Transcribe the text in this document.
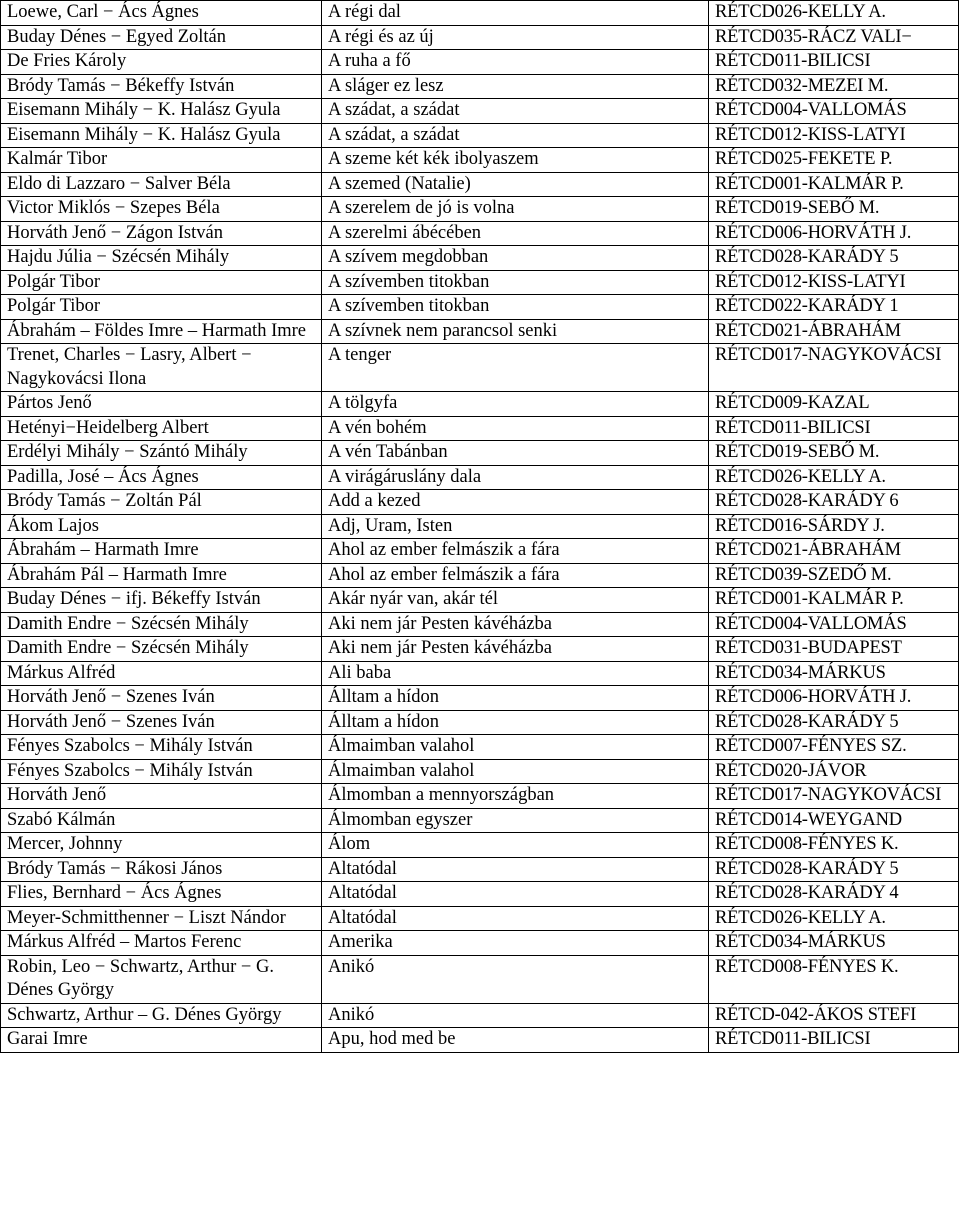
Loewe, Carl − Ács Ágnes	A régi dal	RÉTCD026-KELLY A.
Buday Dénes − Egyed Zoltán	A régi és az új	RÉTCD035-RÁCZ VALI−
De Fries Károly	A ruha a fő	RÉTCD011-BILICSI
Bródy Tamás − Békeffy István	A sláger ez lesz	RÉTCD032-MEZEI M.
Eisemann Mihály − K. Halász Gyula	A szádat, a szádat	RÉTCD004-VALLOMÁS
Eisemann Mihály − K. Halász Gyula	A szádat, a szádat	RÉTCD012-KISS-LATYI
Kalmár Tibor	A szeme két kék ibolyaszem	RÉTCD025-FEKETE P.
Eldo di Lazzaro − Salver Béla	A szemed (Natalie)	RÉTCD001-KALMÁR P.
Victor Miklós − Szepes Béla	A szerelem de jó is volna	RÉTCD019-SEBŐ M.
Horváth Jenő − Zágon István	A szerelmi ábécében	RÉTCD006-HORVÁTH J.
Hajdu Júlia − Szécsén Mihály	A szívem megdobban	RÉTCD028-KARÁDY 5
Polgár Tibor	A szívemben titokban	RÉTCD012-KISS-LATYI
Polgár Tibor	A szívemben titokban	RÉTCD022-KARÁDY 1
Ábrahám – Földes Imre – Harmath Imre	A szívnek nem parancsol senki	RÉTCD021-ÁBRAHÁM
Trenet, Charles − Lasry, Albert − Nagykovácsi Ilona	A tenger	RÉTCD017-NAGYKOVÁCSI
Pártos Jenő	A tölgyfa	RÉTCD009-KAZAL
Hetényi−Heidelberg Albert	A vén bohém	RÉTCD011-BILICSI
Erdélyi Mihály − Szántó Mihály	A vén Tabánban	RÉTCD019-SEBŐ M.
Padilla, José – Ács Ágnes	A virágáruslány dala	RÉTCD026-KELLY A.
Bródy Tamás − Zoltán Pál	Add a kezed	RÉTCD028-KARÁDY 6
Ákom Lajos	Adj, Uram, Isten	RÉTCD016-SÁRDY J.
Ábrahám – Harmath Imre	Ahol az ember felmászik a fára	RÉTCD021-ÁBRAHÁM
Ábrahám Pál – Harmath Imre	Ahol az ember felmászik a fára	RÉTCD039-SZEDŐ M.
Buday Dénes − ifj. Békeffy István	Akár nyár van, akár tél	RÉTCD001-KALMÁR P.
Damith Endre − Szécsén Mihály	Aki nem jár Pesten kávéházba	RÉTCD004-VALLOMÁS
Damith Endre − Szécsén Mihály	Aki nem jár Pesten kávéházba	RÉTCD031-BUDAPEST
Márkus Alfréd	Ali baba	RÉTCD034-MÁRKUS
Horváth Jenő − Szenes Iván	Álltam a hídon	RÉTCD006-HORVÁTH J.
Horváth Jenő − Szenes Iván	Álltam a hídon	RÉTCD028-KARÁDY 5
Fényes Szabolcs − Mihály István	Álmaimban valahol	RÉTCD007-FÉNYES SZ.
Fényes Szabolcs − Mihály István	Álmaimban valahol	RÉTCD020-JÁVOR
Horváth Jenő	Álmomban a mennyországban	RÉTCD017-NAGYKOVÁCSI
Szabó Kálmán	Álmomban egyszer	RÉTCD014-WEYGAND
Mercer, Johnny	Álom	RÉTCD008-FÉNYES K.
Bródy Tamás − Rákosi János	Altatódal	RÉTCD028-KARÁDY 5
Flies, Bernhard − Ács Ágnes	Altatódal	RÉTCD028-KARÁDY 4
Meyer-Schmitthenner − Liszt Nándor	Altatódal	RÉTCD026-KELLY A.
Márkus Alfréd – Martos Ferenc	Amerika	RÉTCD034-MÁRKUS
Robin, Leo − Schwartz, Arthur − G. Dénes György	Anikó	RÉTCD008-FÉNYES K.
Schwartz, Arthur – G. Dénes György	Anikó	RÉTCD-042-ÁKOS STEFI
Garai Imre	Apu, hod med be	RÉTCD011-BILICSI
